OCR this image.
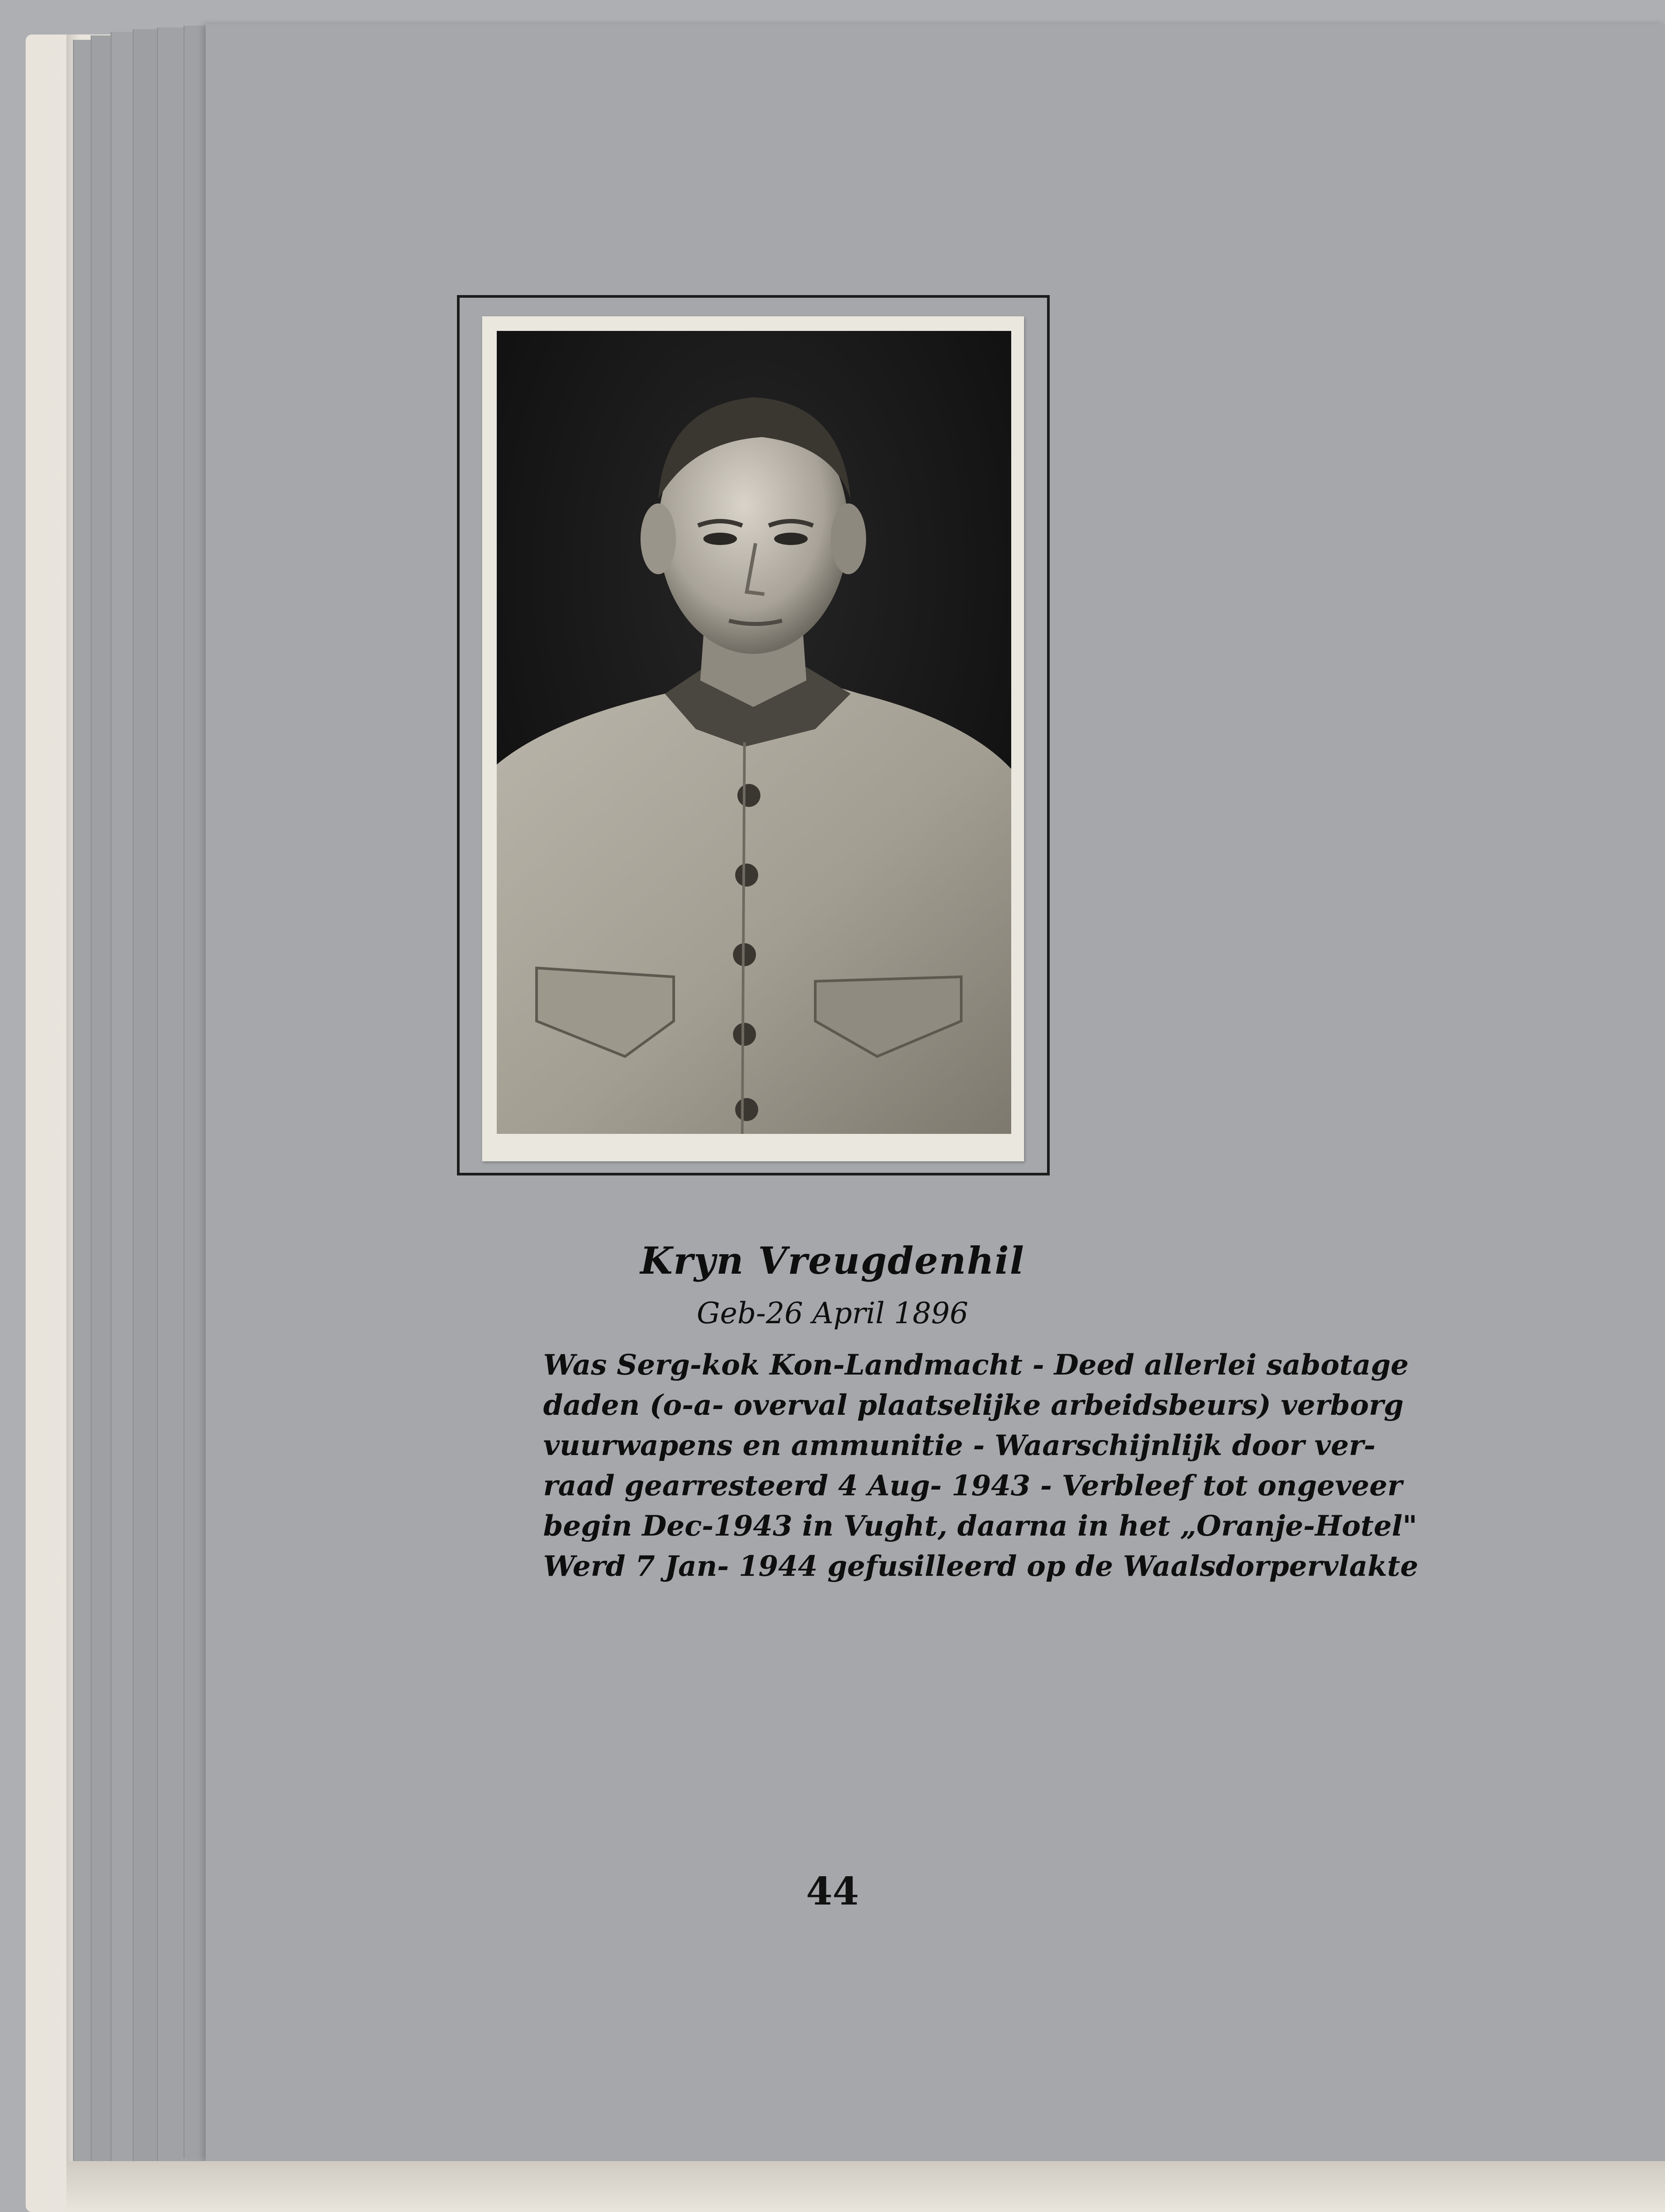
Kryn Vreugdenhil
Geb-26 April 1896
Was Serg-kok Kon-Landmacht - Deed allerlei sabotage
daden (o-a- overval plaatselijke arbeidsbeurs) verborg
vuurwapens en ammunitie - Waarschijnlijk door ver-
raad gearresteerd 4 Aug- 1943 - Verbleef tot ongeveer
begin Dec-1943 in Vught, daarna in het „Oranje-Hotel"
Werd 7 Jan- 1944 gefusilleerd op de Waalsdorpervlakte
44
